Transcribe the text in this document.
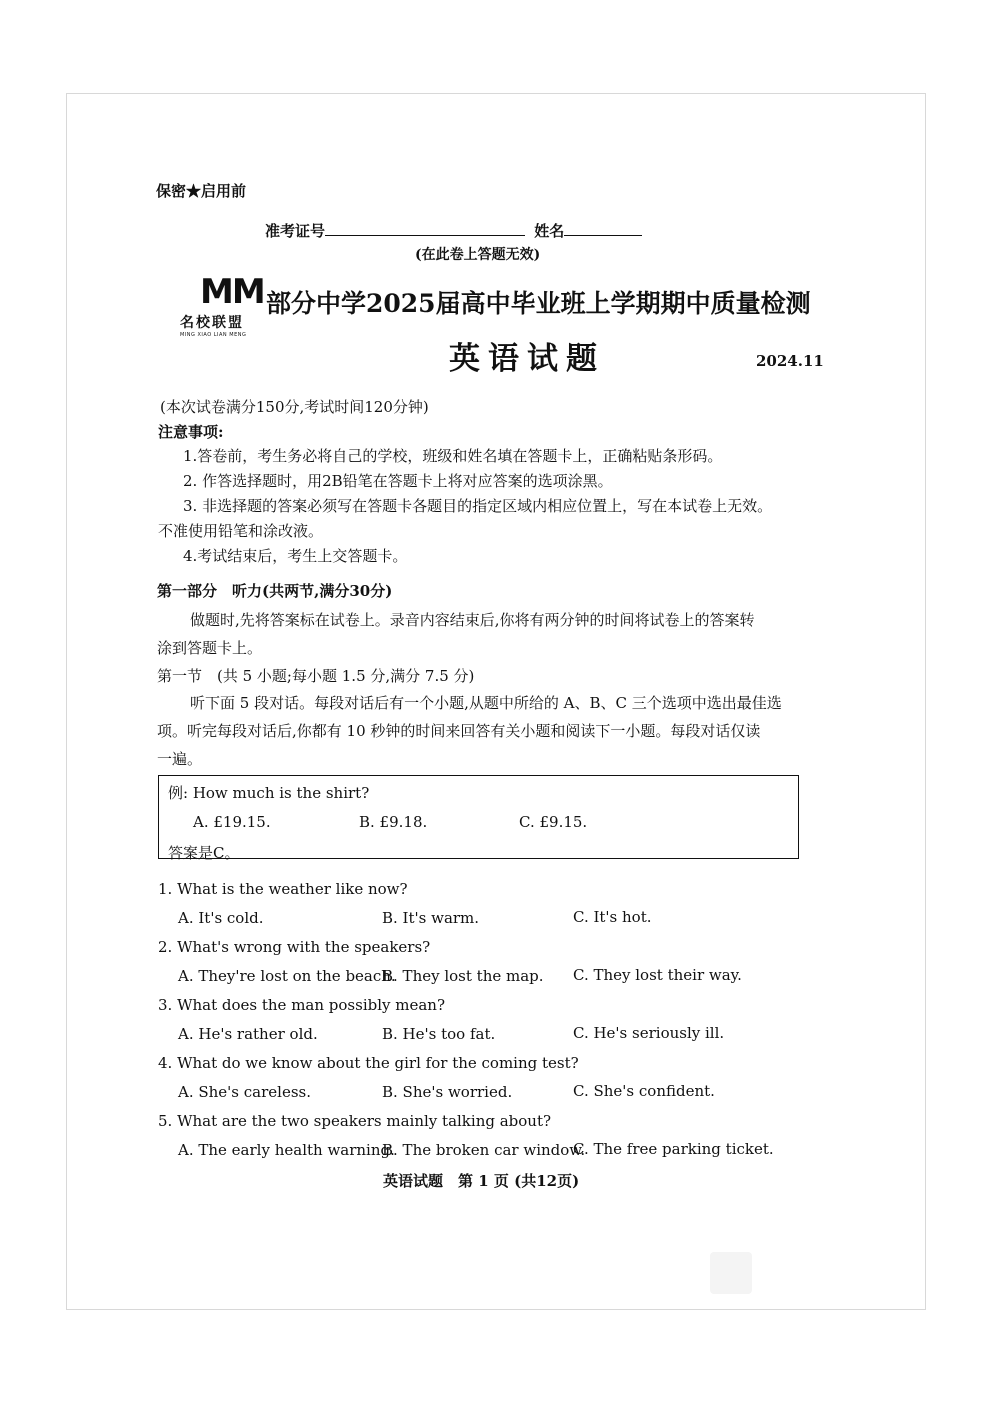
保密★启用前
准考证号	姓名
(在此卷上答题无效)
MM
名校联盟
MING XIAO LIAN MENG
部分中学2025届高中毕业班上学期期中质量检测
英语试题	2024.11
(本次试卷满分150分,考试时间120分钟)
注意事项:
1.答卷前，考生务必将自己的学校，班级和姓名填在答题卡上，正确粘贴条形码。
2. 作答选择题时，用2B铅笔在答题卡上将对应答案的选项涂黑。
3. 非选择题的答案必须写在答题卡各题目的指定区域内相应位置上，写在本试卷上无效。
不准使用铅笔和涂改液。
4.考试结束后，考生上交答题卡。
第一部分　听力(共两节,满分30分)
做题时,先将答案标在试卷上。录音内容结束后,你将有两分钟的时间将试卷上的答案转
涂到答题卡上。
第一节　(共 5 小题;每小题 1.5 分,满分 7.5 分)
听下面 5 段对话。每段对话后有一个小题,从题中所给的 A、B、C 三个选项中选出最佳选
项。听完每段对话后,你都有 10 秒钟的时间来回答有关小题和阅读下一小题。每段对话仅读
一遍。
例: How much is the shirt?
A. £19.15.	B. £9.18.	C. £9.15.
答案是C。
1. What is the weather like now?
A. It's cold.	B. It's warm.	C. It's hot.
2. What's wrong with the speakers?
A. They're lost on the beach.
B. They lost the map. C. They lost their way.
3. What does the man possibly mean?
A. He's rather old.	B. He's too fat.	C. He's seriously ill.
4. What do we know about the girl for the coming test?
A. She's careless.	B. She's worried.	C. She's confident.
5. What are the two speakers mainly talking about?
A. The early health warning.
B. The broken car window.
C. The free parking ticket.
英语试题　第 1 页 (共12页)
